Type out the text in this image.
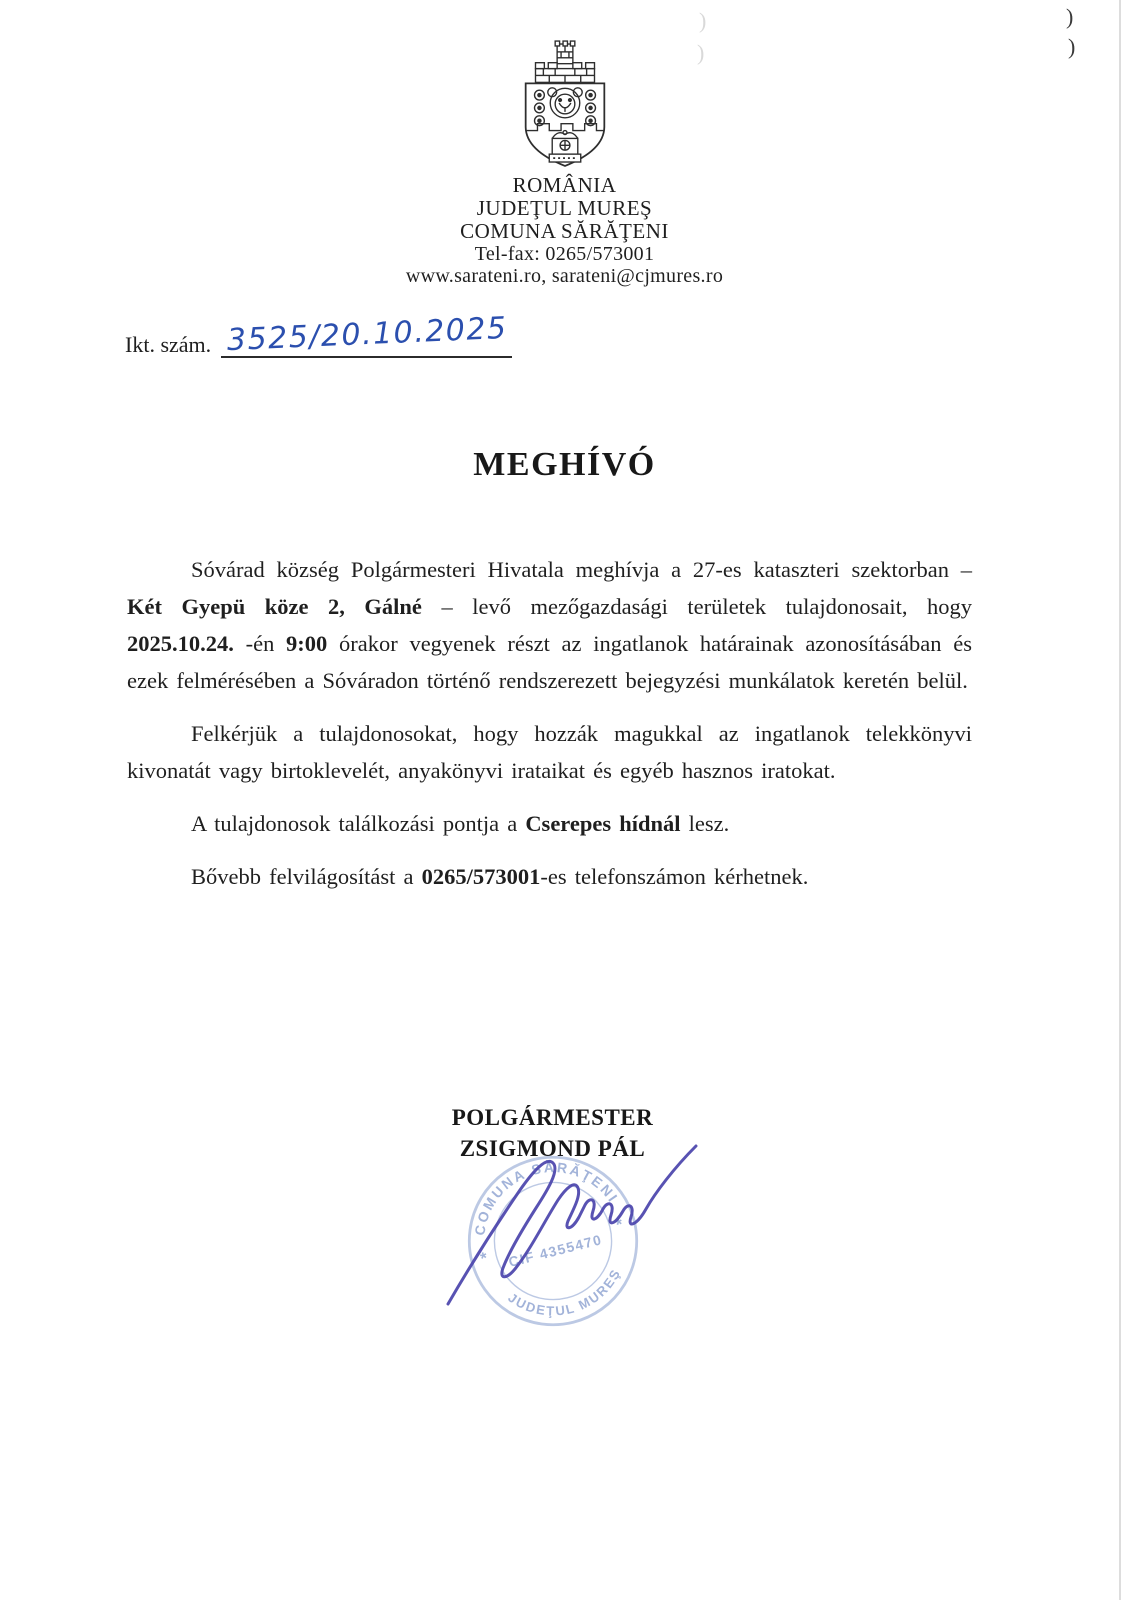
)
)
)
)
ROMÂNIA
JUDEŢUL MUREŞ
COMUNA SĂRĂŢENI
Tel-fax: 0265/573001
www.sarateni.ro, sarateni@cjmures.ro
Ikt. szám. 3525/20.10.2025
MEGHÍVÓ

Sóvárad község Polgármesteri Hivatala meghívja a 27-es kataszteri szektorban – Két Gyepü köze 2, Gálné – levő mezőgazdasági területek tulajdonosait, hogy 2025.10.24. -én 9:00 órakor vegyenek részt az ingatlanok határainak azonosításában és ezek felmérésében a Sóváradon történő rendszerezett bejegyzési munkálatok keretén belül.

Felkérjük a tulajdonosokat, hogy hozzák magukkal az ingatlanok telekkönyvi kivonatát vagy birtoklevelét, anyakönyvi irataikat és egyéb hasznos iratokat.

A tulajdonosok találkozási pontja a Cserepes hídnál lesz.

Bővebb felvilágosítást a 0265/573001-es telefonszámon kérhetnek.

POLGÁRMESTER
ZSIGMOND PÁL
COMUNA SĂRĂŢENI
JUDEŢUL MUREŞ
CIF 4355470
*
*
